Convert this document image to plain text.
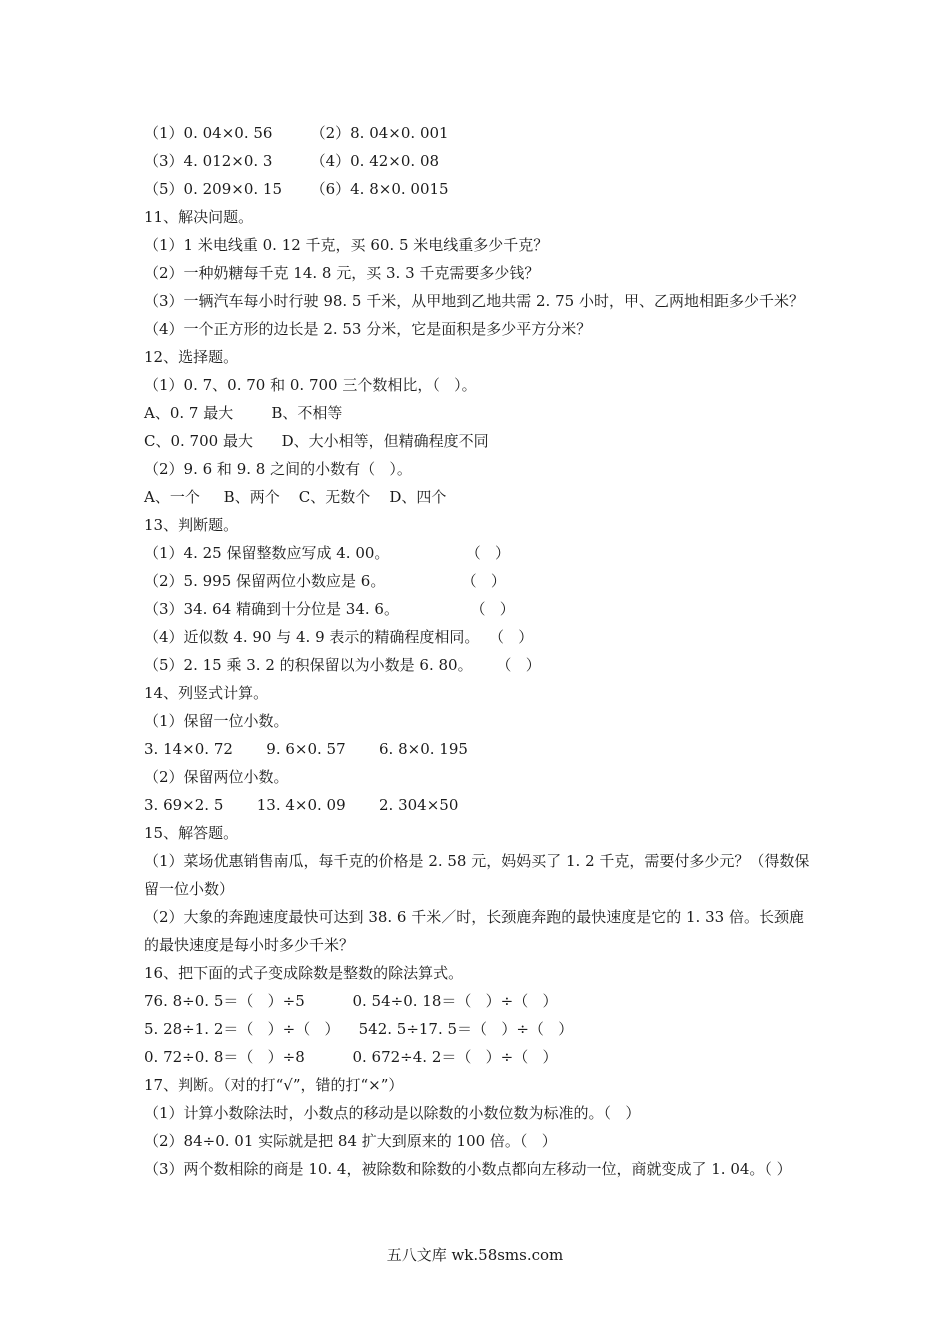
（1）0. 04×0. 56        （2）8. 04×0. 001
（3）4. 012×0. 3        （4）0. 42×0. 08
（5）0. 209×0. 15      （6）4. 8×0. 0015
11、解决问题。
（1）1 米电线重 0. 12 千克，买 60. 5 米电线重多少千克？
（2）一种奶糖每千克 14. 8 元，买 3. 3 千克需要多少钱？
（3）一辆汽车每小时行驶 98. 5 千米，从甲地到乙地共需 2. 75 小时，甲、乙两地相距多少千米？
（4）一个正方形的边长是 2. 53 分米，它是面积是多少平方分米？
12、选择题。
（1）0. 7、0. 70 和 0. 700 三个数相比，（   ）。
A、0. 7 最大        B、不相等
C、0. 700 最大      D、大小相等，但精确程度不同
（2）9. 6 和 9. 8 之间的小数有（   ）。
A、一个     B、两个    C、无数个    D、四个
13、判断题。
（1）4. 25 保留整数应写成 4. 00。                （   ）
（2）5. 995 保留两位小数应是 6。                （   ）
（3）34. 64 精确到十分位是 34. 6。               （   ）
（4）近似数 4. 90 与 4. 9 表示的精确程度相同。  （   ）
（5）2. 15 乘 3. 2 的积保留以为小数是 6. 80。     （   ）
14、列竖式计算。
（1）保留一位小数。
3. 14×0. 72       9. 6×0. 57       6. 8×0. 195
（2）保留两位小数。
3. 69×2. 5       13. 4×0. 09       2. 304×50
15、解答题。
（1）菜场优惠销售南瓜，每千克的价格是 2. 58 元，妈妈买了 1. 2 千克，需要付多少元？（得数保留一位小数）
（2）大象的奔跑速度最快可达到 38. 6 千米／时，长颈鹿奔跑的最快速度是它的 1. 33 倍。长颈鹿的最快速度是每小时多少千米？
16、把下面的式子变成除数是整数的除法算式。
76. 8÷0. 5＝（   ）÷5          0. 54÷0. 18＝（   ）÷（   ）
5. 28÷1. 2＝（   ）÷（   ）    542. 5÷17. 5＝（   ）÷（   ）
0. 72÷0. 8＝（   ）÷8          0. 672÷4. 2＝（   ）÷（   ）
17、判断。（对的打“√”，错的打“×”）
（1）计算小数除法时，小数点的移动是以除数的小数位数为标准的。（   ）
（2）84÷0. 01 实际就是把 84 扩大到原来的 100 倍。（   ）
（3）两个数相除的商是 10. 4，被除数和除数的小数点都向左移动一位，商就变成了 1. 04。（ ）
五八文库 wk.58sms.com
